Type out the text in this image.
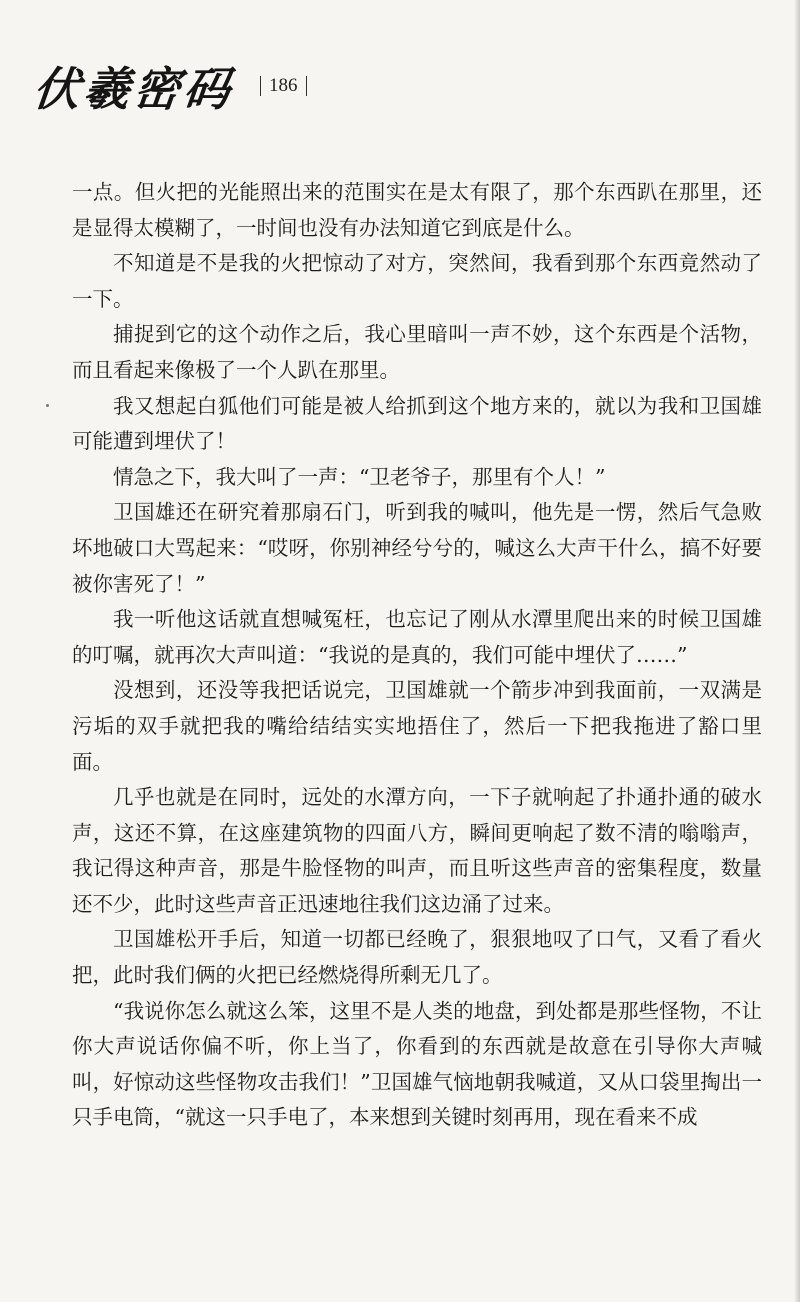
伏羲密码 186

一点。但火把的光能照出来的范围实在是太有限了，那个东西趴在那里，还是显得太模糊了，一时间也没有办法知道它到底是什么。

不知道是不是我的火把惊动了对方，突然间，我看到那个东西竟然动了一下。

捕捉到它的这个动作之后，我心里暗叫一声不妙，这个东西是个活物，而且看起来像极了一个人趴在那里。

我又想起白狐他们可能是被人给抓到这个地方来的，就以为我和卫国雄可能遭到埋伏了！

情急之下，我大叫了一声：“卫老爷子，那里有个人！”

卫国雄还在研究着那扇石门，听到我的喊叫，他先是一愣，然后气急败坏地破口大骂起来：“哎呀，你别神经兮兮的，喊这么大声干什么，搞不好要被你害死了！”

我一听他这话就直想喊冤枉，也忘记了刚从水潭里爬出来的时候卫国雄的叮嘱，就再次大声叫道：“我说的是真的，我们可能中埋伏了……”

没想到，还没等我把话说完，卫国雄就一个箭步冲到我面前，一双满是污垢的双手就把我的嘴给结结实实地捂住了，然后一下把我拖进了豁口里面。

几乎也就是在同时，远处的水潭方向，一下子就响起了扑通扑通的破水声，这还不算，在这座建筑物的四面八方，瞬间更响起了数不清的嗡嗡声，我记得这种声音，那是牛脸怪物的叫声，而且听这些声音的密集程度，数量还不少，此时这些声音正迅速地往我们这边涌了过来。

卫国雄松开手后，知道一切都已经晚了，狠狠地叹了口气，又看了看火把，此时我们俩的火把已经燃烧得所剩无几了。

“我说你怎么就这么笨，这里不是人类的地盘，到处都是那些怪物，不让你大声说话你偏不听，你上当了，你看到的东西就是故意在引导你大声喊叫，好惊动这些怪物攻击我们！”卫国雄气恼地朝我喊道，又从口袋里掏出一只手电筒，“就这一只手电了，本来想到关键时刻再用，现在看来不成
